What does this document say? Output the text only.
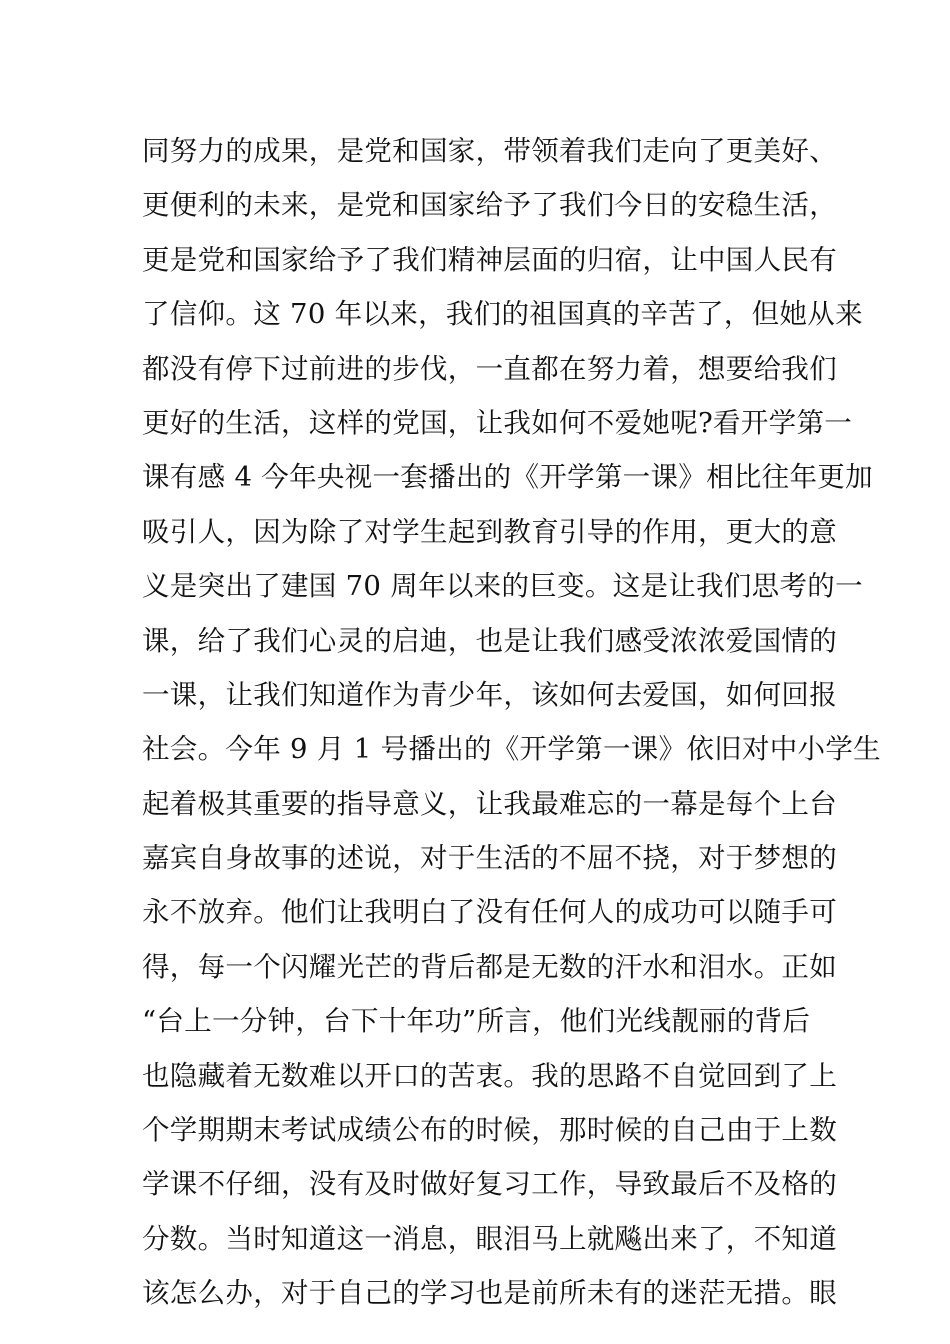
同努力的成果，是党和国家，带领着我们走向了更美好、
更便利的未来，是党和国家给予了我们今日的安稳生活，
更是党和国家给予了我们精神层面的归宿，让中国人民有
了信仰。这 70 年以来，我们的祖国真的辛苦了，但她从来
都没有停下过前进的步伐，一直都在努力着，想要给我们
更好的生活，这样的党国，让我如何不爱她呢?看开学第一
课有感 4 今年央视一套播出的《开学第一课》相比往年更加
吸引人，因为除了对学生起到教育引导的作用，更大的意
义是突出了建国 70 周年以来的巨变。这是让我们思考的一
课，给了我们心灵的启迪，也是让我们感受浓浓爱国情的
一课，让我们知道作为青少年，该如何去爱国，如何回报
社会。今年 9 月 1 号播出的《开学第一课》依旧对中小学生
起着极其重要的指导意义，让我最难忘的一幕是每个上台
嘉宾自身故事的述说，对于生活的不屈不挠，对于梦想的
永不放弃。他们让我明白了没有任何人的成功可以随手可
得，每一个闪耀光芒的背后都是无数的汗水和泪水。正如
“台上一分钟，台下十年功”所言，他们光线靓丽的背后
也隐藏着无数难以开口的苦衷。我的思路不自觉回到了上
个学期期末考试成绩公布的时候，那时候的自己由于上数
学课不仔细，没有及时做好复习工作，导致最后不及格的
分数。当时知道这一消息，眼泪马上就飚出来了，不知道
该怎么办，对于自己的学习也是前所未有的迷茫无措。眼
